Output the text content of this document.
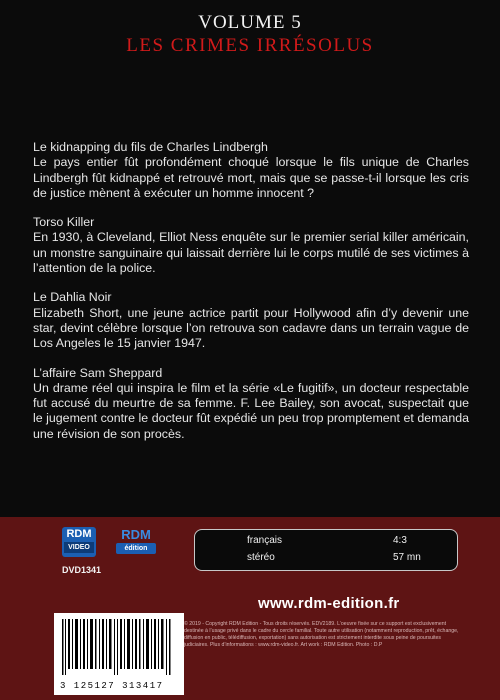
VOLUME 5
LES CRIMES IRRÉSOLUS

Le kidnapping du fils de Charles Lindbergh

Le pays entier fût profondément choqué lorsque le fils unique de Charles Lindbergh fût kidnappé et retrouvé mort, mais que se passe-t-il lorsque les cris de justice mènent à exécuter un homme innocent ?

Torso Killer

En 1930, à Cleveland, Elliot Ness enquête sur le premier serial killer américain, un monstre sanguinaire qui laissait derrière lui le corps mutilé de ses victimes à l’attention de la police.

Le Dahlia Noir

Elizabeth Short, une jeune actrice partit pour Hollywood afin d’y devenir une star, devint célèbre lorsque l’on retrouva son cadavre dans un terrain vague de Los Angeles le 15 janvier 1947.

L’affaire Sam Sheppard

Un drame réel qui inspira le film et la série «Le fugitif», un docteur respectable fut accusé du meurtre de sa femme. F. Lee Bailey, son avocat, suspectait que le jugement contre le docteur fût expédié un peu trop promptement et demanda une révision de son procès.

RDM
VIDEO
RDM
édition
DVD1341
français	4:3
stéréo	57 mn
www.rdm-edition.fr
3 125127 313417
© 2019 - Copyright RDM Edition - Tous droits réservés. EDV2189. L’oeuvre fixée sur ce support est exclusivement destinée à l’usage privé dans le cadre du cercle familial. Toute autre utilisation (notamment reproduction, prêt, échange, diffusion en public, télédiffusion, exportation) sans autorisation est strictement interdite sous peine de poursuites judiciaires. Plus d’informations : www.rdm-video.fr. Art work : RDM Edition. Photo : D.P
